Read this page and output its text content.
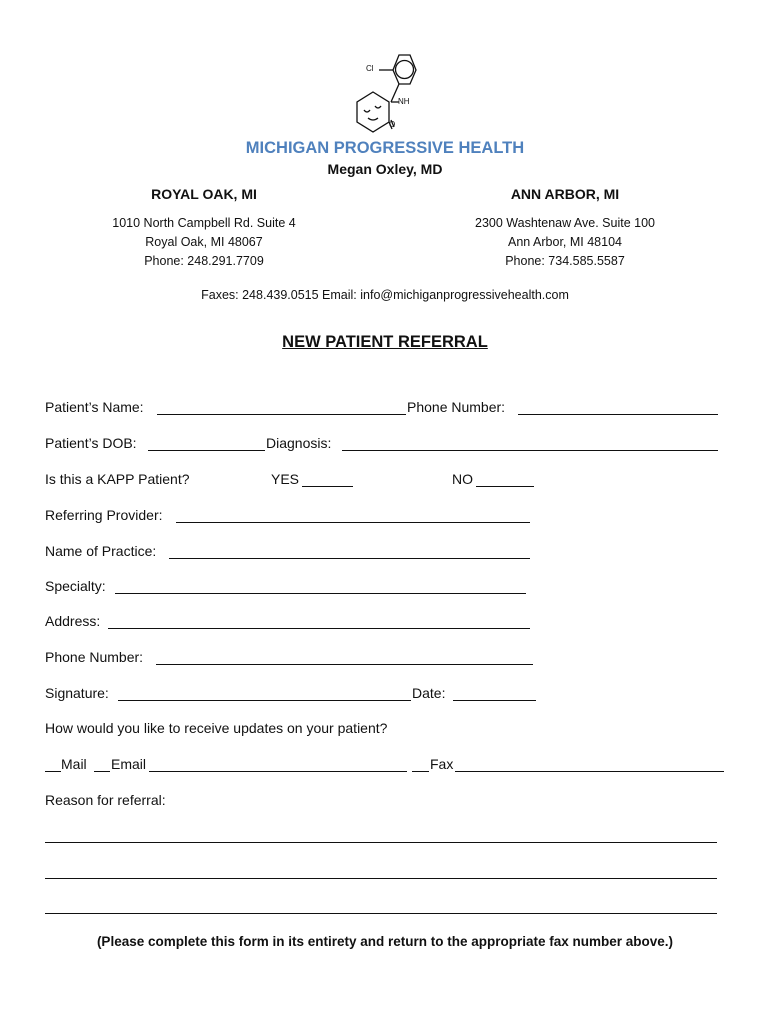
Cl
NH
O
MICHIGAN PROGRESSIVE HEALTH
Megan Oxley, MD
ROYAL OAK, MI
1010 North Campbell Rd. Suite 4
Royal Oak, MI 48067
Phone: 248.291.7709
ANN ARBOR, MI
2300 Washtenaw Ave. Suite 100
Ann Arbor, MI 48104
Phone: 734.585.5587
Faxes: 248.439.0515 Email: info@michiganprogressivehealth.com
NEW PATIENT REFERRAL
Patient’s Name:	Phone Number:
Patient’s DOB:	Diagnosis:
Is this a KAPP Patient?	YES	NO
Referring Provider:
Name of Practice:
Specialty:
Address:
Phone Number:
Signature:	Date:
How would you like to receive updates on your patient?
Mail Email	Fax
Reason for referral:
(Please complete this form in its entirety and return to the appropriate fax number above.)
